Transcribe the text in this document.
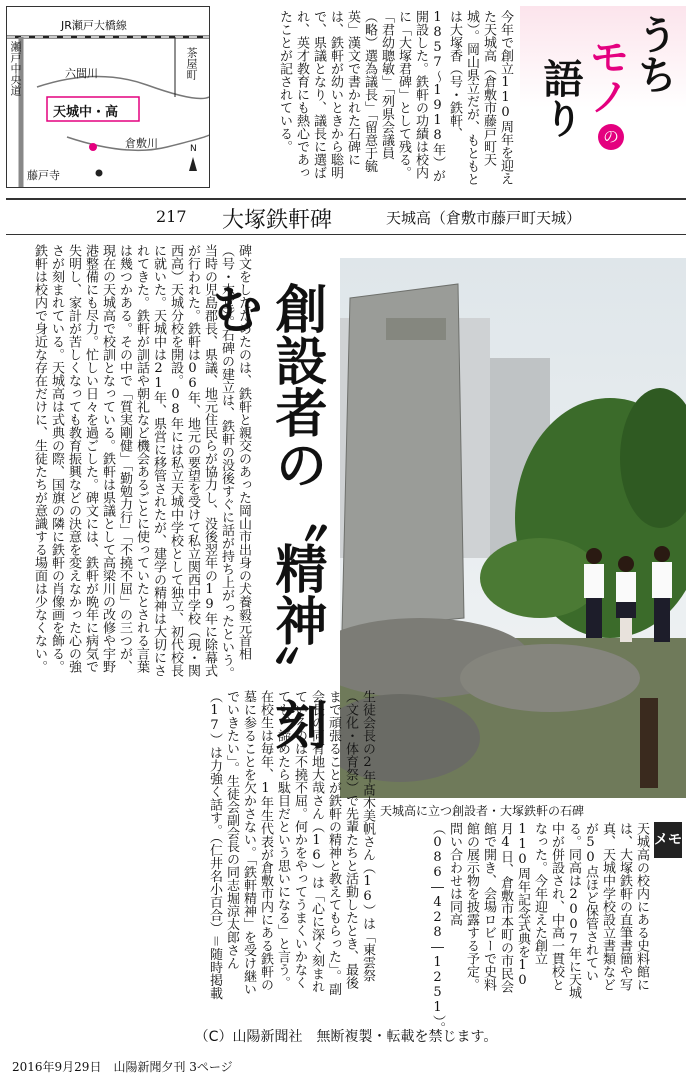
JR瀬戸大橋線
瀬戸中央道	六間川	茶屋町
天城中・高
倉敷川
藤戸寺
N	今年で創立110周年を迎えた天城高（倉敷市藤戸町天城）。岡山県立だが、もともとは大塚香（号・鉄軒、1857〜1918年）が開設した。鉄軒の功績は校内に「大塚君碑」として残る。「君幼聰敏」「列県会議員（略）選為議長」「留意于毓英」漢文で書かれた石碑には、鉄軒が幼いときから聡明で、県議となり、議長に選ばれ、英才教育にも熱心であったことが記されている。	うち
モノ
の
語り
217 大塚鉄軒碑	天城高（倉敷市藤戸町天城）
天城高に立つ創設者・大塚鉄軒の石碑
創設者の〝精神〟刻む
碑文をしたためたのは、鉄軒と親交のあった岡山市出身の犬養毅元首相（号・木堂）。石碑の建立は、鉄軒の没後すぐに話が持ち上がったという。当時の児島郡長、県議、地元住民らが協力し、没後翌年の19年に除幕式が行われた。鉄軒は06年、地元の要望を受けて私立関西中学校（現・関西高）天城分校を開設。08年には私立天城中学校として独立、初代校長に就いた。天城中は21年、県営に移管されたが、建学の精神は大切にされてきた。鉄軒が訓話や朝礼など機会あるごとに使っていたとされる言葉は幾つかある。その中で「質実剛健」「勤勉力行」「不撓不屈」の三つが、現在の天城高で校訓となっている。鉄軒は県議として高梁川の改修や宇野港整備にも尽力。忙しい日々を過ごした。碑文には、鉄軒が晩年に病気で失明し、家計が苦しくなっても教育振興などの決意を変えなかった心の強さが刻まれている。天城高は式典の際、国旗の隣に鉄軒の肖像画を飾る。鉄軒は校内で身近な存在だけに、生徒たちが意識する場面は少なくない。
生徒会長の2年髙木美帆さん（16）は「東雲祭（文化・体育祭）で先輩たちと活動したとき、最後まで頑張ることが鉄軒の精神と教えてもらった」。副会長の同有地大哉さん（16）は「心に深く刻まれているのは不撓不屈。何かをやってうまくいかなくても、諦めたら駄目だという思いになる」と言う。在校生は毎年、1年生代表が倉敷市内にある鉄軒の墓に参ることを欠かさない。「鉄軒精神」を受け継いでいきたい」。生徒会副会長の同志堀涼太郎さん（17）は力強く話す。（仁井名小百合）＝随時掲載	メモ
天城高の校内にある史料館には、大塚鉄軒の直筆書簡や写真、天城中学校設立書類などが50点ほど保管されている。同高は2007年に天城中が併設され、中高一貫校となった。今年迎えた創立110周年記念式典を10月4日、倉敷市本町の市民会館で開き、会場ロビーで史料館の展示物を披露する予定。問い合わせは同高（086―428―1251）。
（C）山陽新聞社　無断複製・転載を禁じます。
2016年9月29日　山陽新聞夕刊 3ページ
